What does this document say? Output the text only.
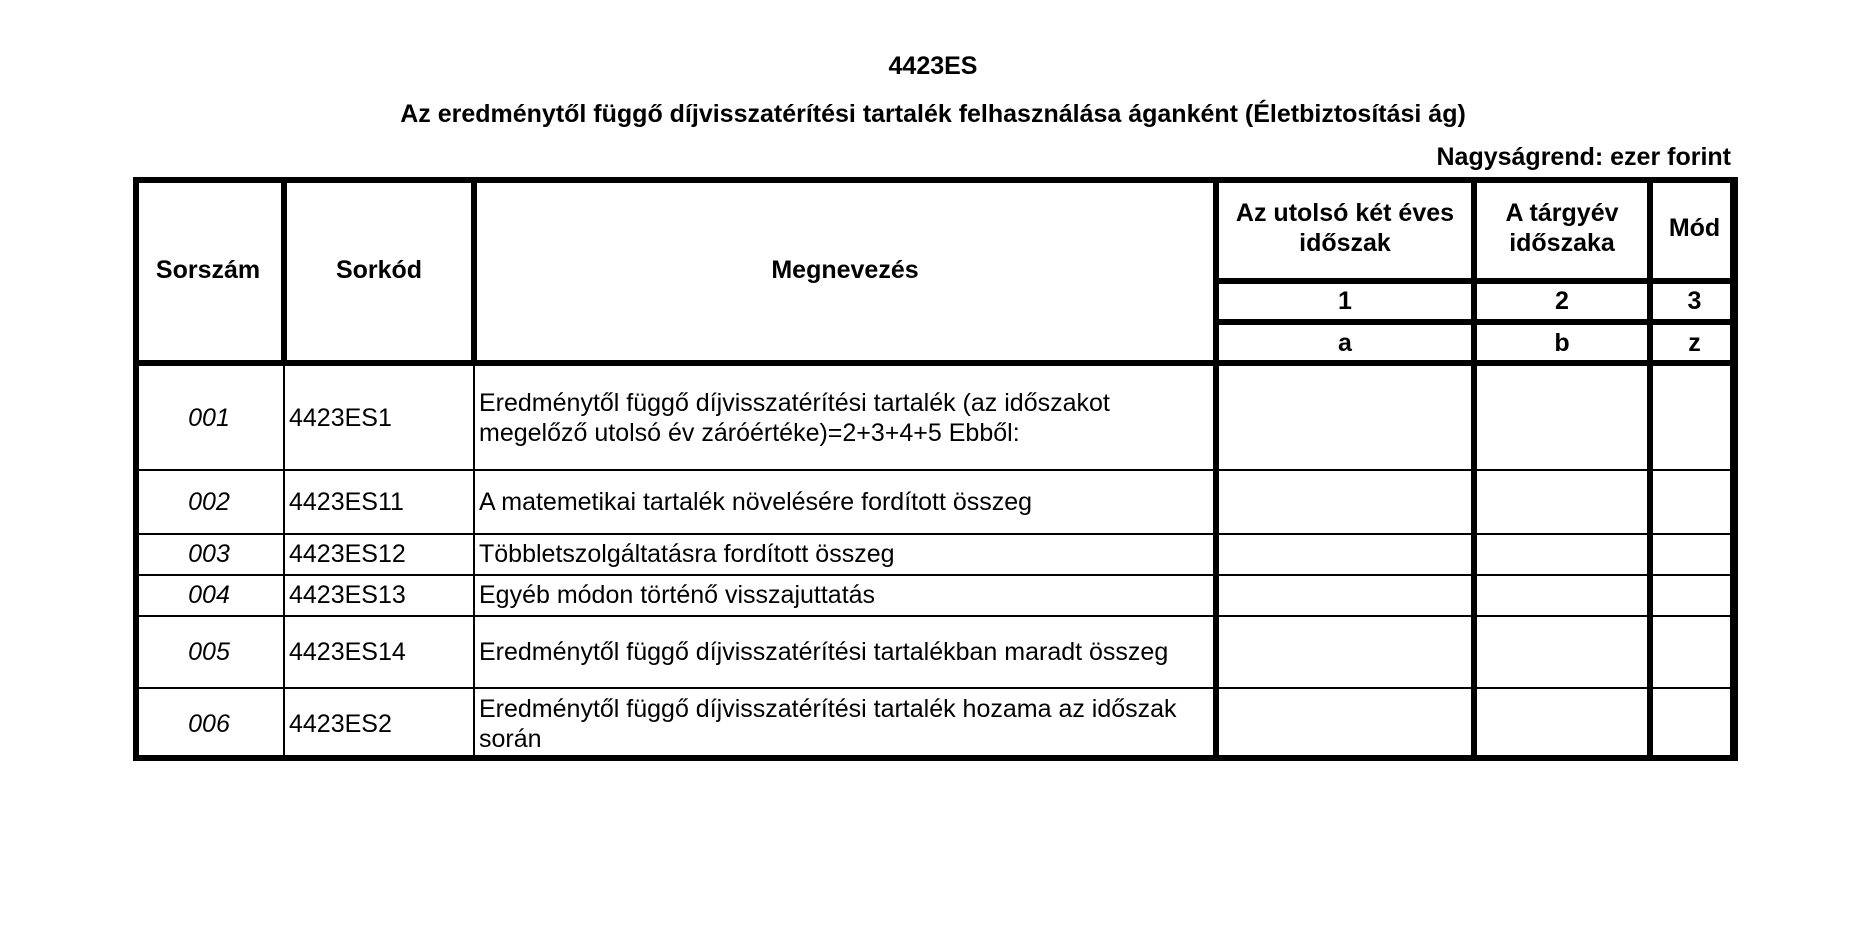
4423ES
Az eredménytől függő díjvisszatérítési tartalék felhasználása áganként (Életbiztosítási ág)
Nagyságrend: ezer forint
Sorszám	Sorkód	Megnevezés	Az utolsó két éves időszak	A tárgyév időszaka	Mód
			1	2	3
			a	b	z
001	4423ES1	Eredménytől függő díjvisszatérítési tartalék (az időszakot megelőző utolsó év záróértéke)=2+3+4+5 Ebből:			
002	4423ES11	A matemetikai tartalék növelésére fordított összeg			
003	4423ES12	Többletszolgáltatásra fordított összeg			
004	4423ES13	Egyéb módon történő visszajuttatás			
005	4423ES14	Eredménytől függő díjvisszatérítési tartalékban maradt összeg			
006	4423ES2	Eredménytől függő díjvisszatérítési tartalék hozama az időszak során			
